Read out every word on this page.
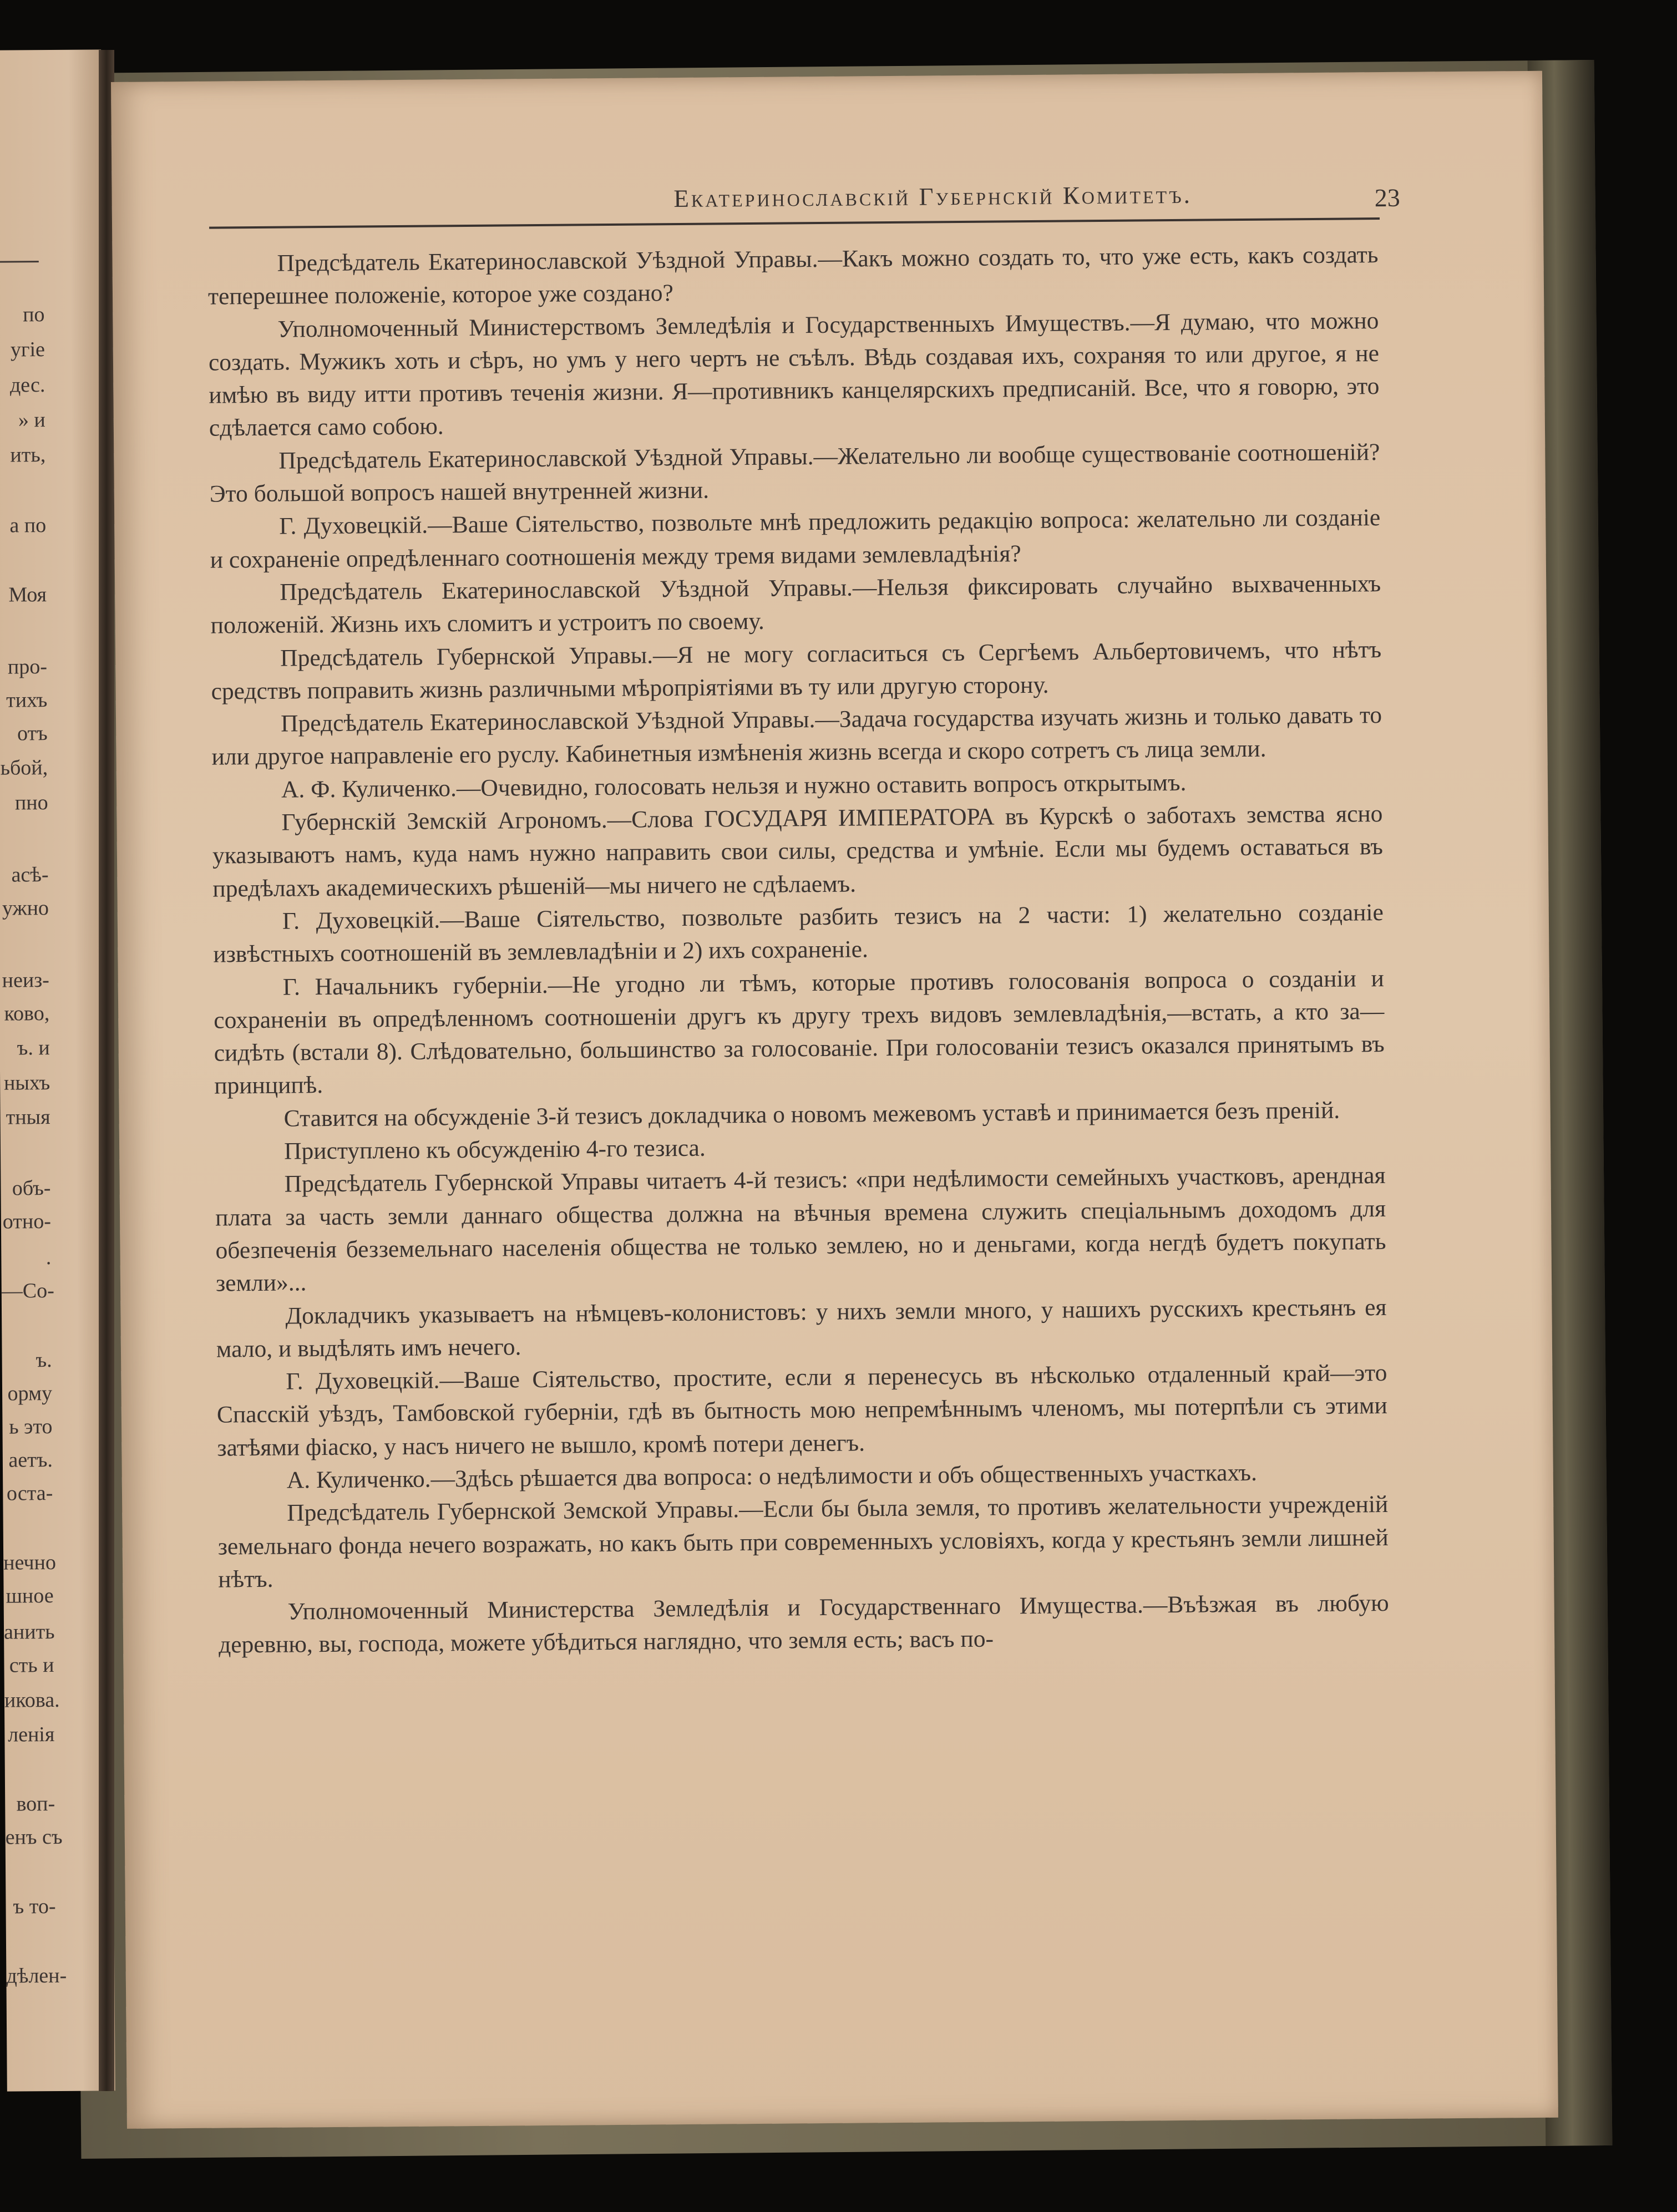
по
угіе
дес.
» и
ить,
а по
Моя
про-
тихъ
отъ
ьбой,
пно
асѣ-
ужно
неиз-
ково,
ъ. и
ныхъ
тныя
объ-
отно-
.
—Со-
ъ.
орму
ь это
аетъ.
оста-
нечно
шное
анить
сть и
икова.
ленія
воп-
енъ съ
ъ то-
дѣлен-
Екатеринославскій Губернскій Комитетъ.	23

Предсѣдатель Екатеринославской Уѣздной Управы.—Какъ можно создать то, что уже есть, какъ создать теперешнее положеніе, которое уже создано?

Уполномоченный Министерствомъ Земледѣлія и Государственныхъ Имуществъ.—Я думаю, что можно создать. Мужикъ хоть и сѣръ, но умъ у него чертъ не съѣлъ. Вѣдь создавая ихъ, сохраняя то или другое, я не имѣю въ виду итти противъ теченія жизни. Я—противникъ канцелярскихъ предписаній. Все, что я говорю, это сдѣлается само собою.

Предсѣдатель Екатеринославской Уѣздной Управы.—Желательно ли вообще существованіе соотношеній? Это большой вопросъ нашей внутренней жизни.

Г. Духовецкій.—Ваше Сіятельство, позвольте мнѣ предложить редакцію вопроса: желательно ли созданіе и сохраненіе опредѣленнаго соотношенія между тремя видами землевладѣнія?

Предсѣдатель Екатеринославской Уѣздной Управы.—Нельзя фиксировать случайно выхваченныхъ положеній. Жизнь ихъ сломитъ и устроитъ по своему.

Предсѣдатель Губернской Управы.—Я не могу согласиться съ Сергѣемъ Альбертовичемъ, что нѣтъ средствъ поправить жизнь различными мѣропріятіями въ ту или другую сторону.

Предсѣдатель Екатеринославской Уѣздной Управы.—Задача государства изучать жизнь и только давать то или другое направленіе его руслу. Кабинетныя измѣненія жизнь всегда и скоро сотретъ съ лица земли.

А. Ф. Куличенко.—Очевидно, голосовать нельзя и нужно оставить вопросъ открытымъ.

Губернскій Земскій Агрономъ.—Слова ГОСУДАРЯ ИМПЕРАТОРА въ Курскѣ о заботахъ земства ясно указываютъ намъ, куда намъ нужно направить свои силы, средства и умѣніе. Если мы будемъ оставаться въ предѣлахъ академическихъ рѣшеній—мы ничего не сдѣлаемъ.

Г. Духовецкій.—Ваше Сіятельство, позвольте разбить тезисъ на 2 части: 1) желательно созданіе извѣстныхъ соотношеній въ землевладѣніи и 2) ихъ сохраненіе.

Г. Начальникъ губерніи.—Не угодно ли тѣмъ, которые противъ голосованія вопроса о созданіи и сохраненіи въ опредѣленномъ соотношеніи другъ къ другу трехъ видовъ землевладѣнія,—встать, а кто за—сидѣть (встали 8). Слѣдовательно, большинство за голосованіе. При голосованіи тезисъ оказался принятымъ въ принципѣ.

Ставится на обсужденіе 3-й тезисъ докладчика о новомъ межевомъ уставѣ и принимается безъ преній.

Приступлено къ обсужденію 4-го тезиса.

Предсѣдатель Губернской Управы читаетъ 4-й тезисъ: «при недѣлимости семейныхъ участковъ, арендная плата за часть земли даннаго общества должна на вѣчныя времена служить спеціальнымъ доходомъ для обезпеченія безземельнаго населенія общества не только землею, но и деньгами, когда негдѣ будетъ покупать земли»...

Докладчикъ указываетъ на нѣмцевъ-колонистовъ: у нихъ земли много, у нашихъ русскихъ крестьянъ ея мало, и выдѣлять имъ нечего.

Г. Духовецкій.—Ваше Сіятельство, простите, если я перенесусь въ нѣсколько отдаленный край—это Спасскій уѣздъ, Тамбовской губерніи, гдѣ въ бытность мою непремѣннымъ членомъ, мы потерпѣли съ этими затѣями фіаско, у насъ ничего не вышло, кромѣ потери денегъ.

А. Куличенко.—Здѣсь рѣшается два вопроса: о недѣлимости и объ общественныхъ участкахъ.

Предсѣдатель Губернской Земской Управы.—Если бы была земля, то противъ желательности учрежденій земельнаго фонда нечего возражать, но какъ быть при современныхъ условіяхъ, когда у крестьянъ земли лишней нѣтъ.

Уполномоченный Министерства Земледѣлія и Государственнаго Имущества.—Въѣзжая въ любую деревню, вы, господа, можете убѣдиться наглядно, что земля есть; васъ по-
